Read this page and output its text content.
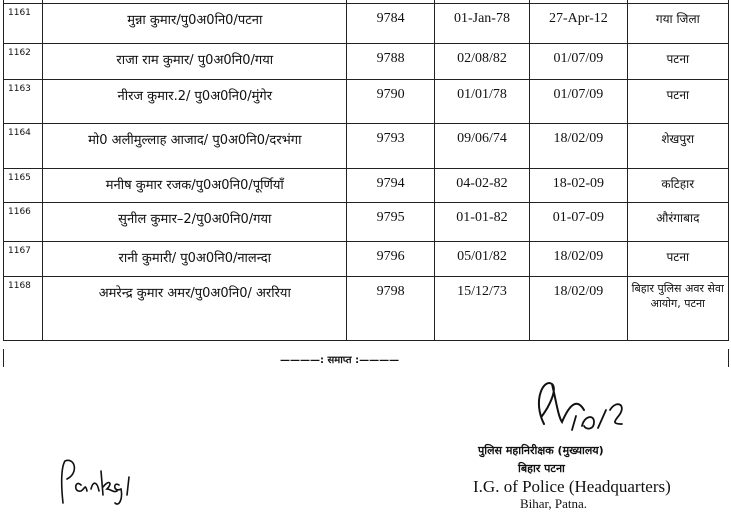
1161	मुन्ना कुमार/पु0अ0नि0/पटना	9784	01-Jan-78	27-Apr-12	गया जिला
1162	राजा राम कुमार/ पु0अ0नि0/गया	9788	02/08/82	01/07/09	पटना
1163	नीरज कुमार.2/ पु0अ0नि0/मुंगेर	9790	01/01/78	01/07/09	पटना
1164	मो0 अलीमुल्लाह आजाद/ पु0अ0नि0/दरभंगा	9793	09/06/74	18/02/09	शेखपुरा
1165	मनीष कुमार रजक/पु0अ0नि0/पूर्णियाँ	9794	04-02-82	18-02-09	कटिहार
1166	सुनील कुमार–2/पु0अ0नि0/गया	9795	01-01-82	01-07-09	औरंगाबाद
1167	रानी कुमारी/ पु0अ0नि0/नालन्दा	9796	05/01/82	18/02/09	पटना
1168	अमरेन्द्र कुमार अमर/पु0अ0नि0/ अररिया	9798	15/12/73	18/02/09	बिहार पुलिस अवर सेवा आयोग, पटना
————: समाप्त :————
पुलिस महानिरीक्षक (मुख्यालय)
बिहार पटना
I.G. of Police (Headquarters)
Bihar, Patna.
